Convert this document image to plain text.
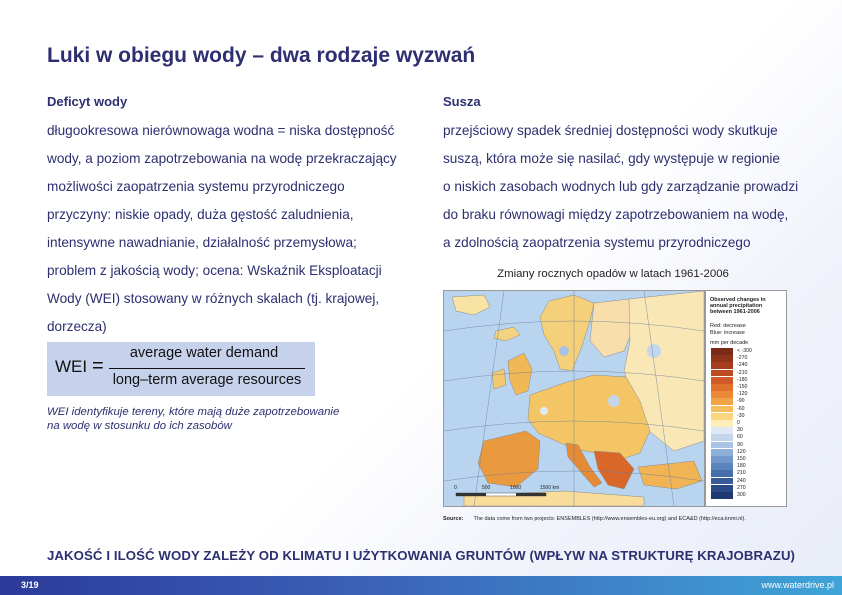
Luki w obiegu wody – dwa rodzaje wyzwań
Deficyt wody
długookresowa nierównowaga wodna = niska dostępność
wody, a poziom zapotrzebowania na wodę przekraczający
możliwości zaopatrzenia systemu przyrodniczego
przyczyny: niskie opady, duża gęstość zaludnienia,
intensywne nawadnianie, działalność przemysłowa;
problem z jakością wody; ocena: Wskaźnik Eksploatacji
Wody (WEI) stosowany w różnych skalach (tj. krajowej,
dorzecza)
WEI =
average water demand
long–term average resources
WEI identyfikuje tereny, które mają duże zapotrzebowanie
na wodę w stosunku do ich zasobów
Susza
przejściowy spadek średniej dostępności wody skutkuje
suszą, która może się nasilać, gdy występuje w regionie
o niskich zasobach wodnych lub gdy zarządzanie prowadzi
do braku równowagi między zapotrzebowaniem na wodę,
a zdolnością zaopatrzenia systemu przyrodniczego
Zmiany rocznych opadów w latach 1961-2006
0	500	1000	1500 km
Observed changes in annual precipitation between 1961-2006
Red: decrease
Blue: increase
mm per decade
< -300
-270
-240
-210
-180
-150
-120
-90
-60
-30
0
30
60
90
120
150
180
210
240
270
300
Source: The data come from two projects: ENSEMBLES (http://www.ensembles-eu.org) and ECA&D (http://eca.knmi.nl).
JAKOŚĆ I ILOŚĆ WODY ZALEŻY OD KLIMATU I UŻYTKOWANIA GRUNTÓW (WPŁYW NA STRUKTURĘ KRAJOBRAZU)
3/19	www.waterdrive.pl
